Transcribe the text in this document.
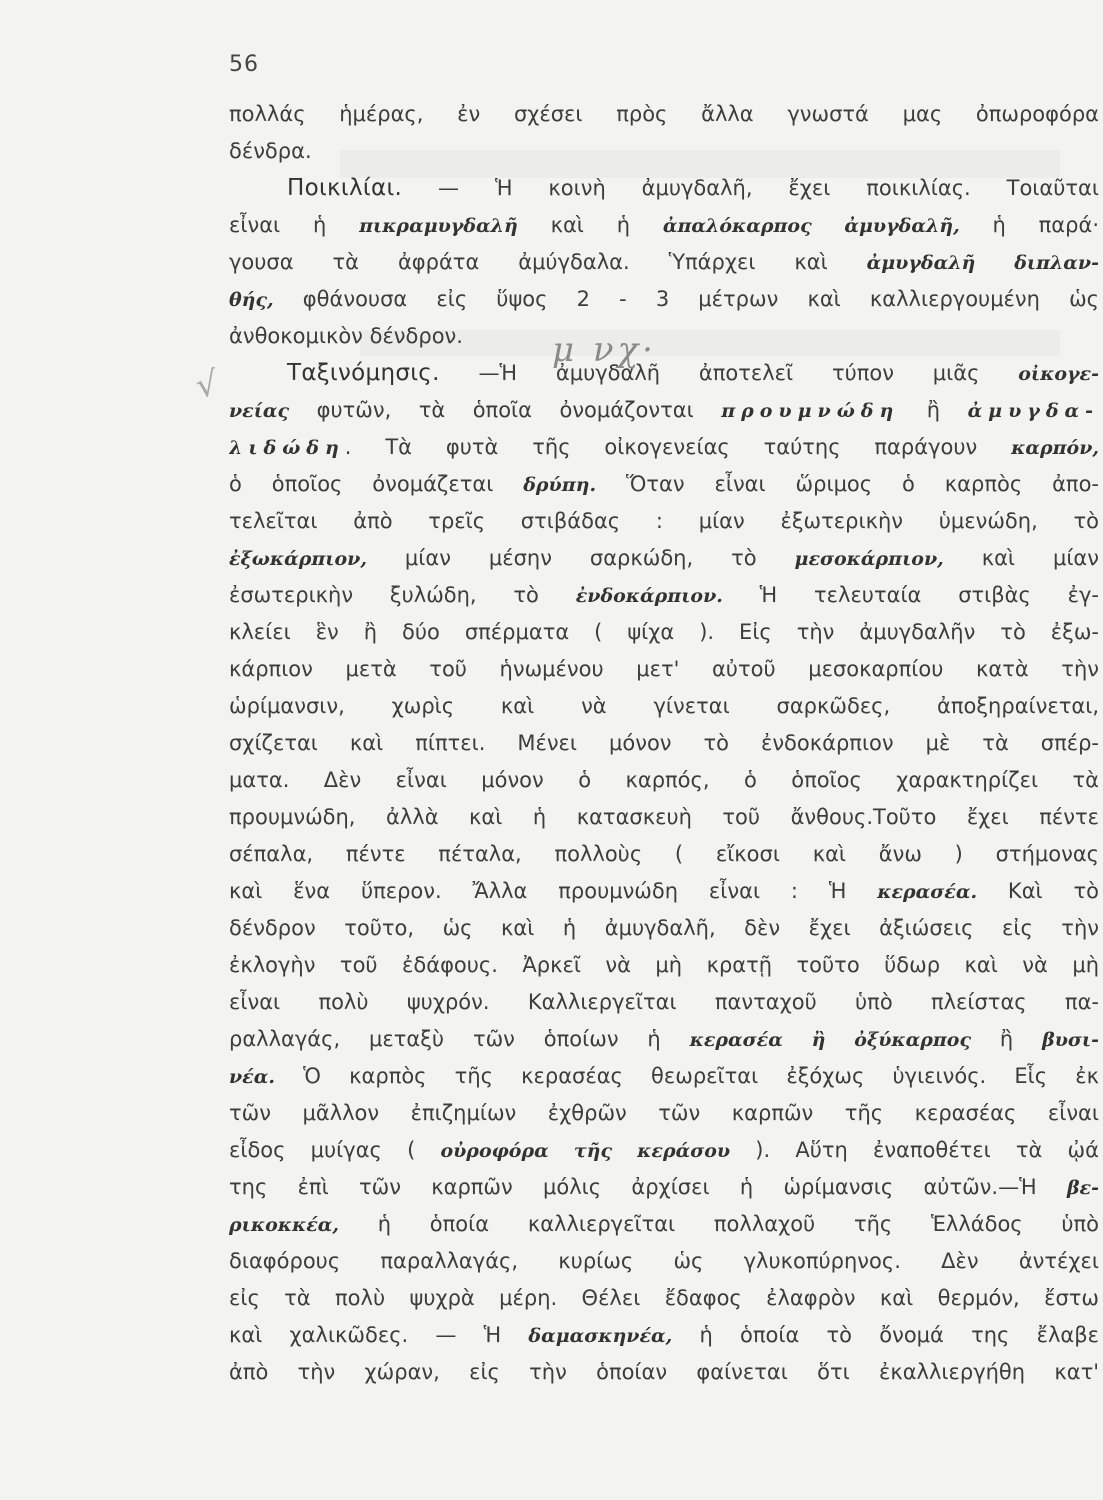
56
μ νχ·
√
πολλάς ἡμέρας, ἐν σχέσει πρὸς ἄλλα γνωστά μας ὀπωροφόρα
δένδρα.
Ποικιλίαι. — Ἡ κοινὴ ἀμυγδαλῆ, ἔχει ποικιλίας. Τοιαῦται
εἶναι ἡ πικραμυγδαλῆ καὶ ἡ ἀπαλόκαρπος ἀμυγδαλῆ, ἡ παρά·
γουσα τὰ ἀφράτα ἀμύγδαλα. Ὑπάρχει καὶ ἀμυγδαλῆ διπλαν-
θής, φθάνουσα εἰς ὕψος 2 - 3 μέτρων καὶ καλλιεργουμένη ὡς
ἀνθοκομικὸν δένδρον.
Ταξινόμησις. —Ἡ ἀμυγδαλῆ ἀποτελεῖ τύπον μιᾶς οἰκογε-
νείας φυτῶν, τὰ ὁποῖα ὀνομάζονται προυμνώδη ἢ ἀμυγδα-
λιδώδη. Τὰ φυτὰ τῆς οἰκογενείας ταύτης παράγουν καρπόν,
ὁ ὁποῖος ὀνομάζεται δρύπη. Ὅταν εἶναι ὥριμος ὁ καρπὸς ἀπο-
τελεῖται ἀπὸ τρεῖς στιβάδας : μίαν ἐξωτερικὴν ὑμενώδη, τὸ
ἐξωκάρπιον, μίαν μέσην σαρκώδη, τὸ μεσοκάρπιον, καὶ μίαν
ἐσωτερικὴν ξυλώδη, τὸ ἐνδοκάρπιον. Ἡ τελευταία στιβὰς ἐγ-
κλείει ἓν ἢ δύο σπέρματα ( ψίχα ). Εἰς τὴν ἀμυγδαλῆν τὸ ἐξω-
κάρπιον μετὰ τοῦ ἡνωμένου μετ' αὐτοῦ μεσοκαρπίου κατὰ τὴν
ὡρίμανσιν, χωρὶς καὶ νὰ γίνεται σαρκῶδες, ἀποξηραίνεται,
σχίζεται καὶ πίπτει. Μένει μόνον τὸ ἐνδοκάρπιον μὲ τὰ σπέρ-
ματα. Δὲν εἶναι μόνον ὁ καρπός, ὁ ὁποῖος χαρακτηρίζει τὰ
προυμνώδη, ἀλλὰ καὶ ἡ κατασκευὴ τοῦ ἄνθους.Τοῦτο ἔχει πέντε
σέπαλα, πέντε πέταλα, πολλοὺς ( εἴκοσι καὶ ἄνω ) στήμονας
καὶ ἕνα ὕπερον. Ἄλλα προυμνώδη εἶναι : Ἡ κερασέα. Καὶ τὸ
δένδρον τοῦτο, ὡς καὶ ἡ ἀμυγδαλῆ, δὲν ἔχει ἀξιώσεις εἰς τὴν
ἐκλογὴν τοῦ ἐδάφους. Ἀρκεῖ νὰ μὴ κρατῇ τοῦτο ὕδωρ καὶ νὰ μὴ
εἶναι πολὺ ψυχρόν. Καλλιεργεῖται πανταχοῦ ὑπὸ πλείστας πα-
ραλλαγάς, μεταξὺ τῶν ὁποίων ἡ κερασέα ἢ ὀξύκαρπος ἢ βυσι-
νέα. Ὁ καρπὸς τῆς κερασέας θεωρεῖται ἐξόχως ὑγιεινός. Εἷς ἐκ
τῶν μᾶλλον ἐπιζημίων ἐχθρῶν τῶν καρπῶν τῆς κερασέας εἶναι
εἶδος μυίγας ( οὐροφόρα τῆς κεράσου ). Αὕτη ἐναποθέτει τὰ ᾠά
της ἐπὶ τῶν καρπῶν μόλις ἀρχίσει ἡ ὡρίμανσις αὐτῶν.—Ἡ βε-
ρικοκκέα, ἡ ὁποία καλλιεργεῖται πολλαχοῦ τῆς Ἑλλάδος ὑπὸ
διαφόρους παραλλαγάς, κυρίως ὡς γλυκοπύρηνος. Δὲν ἀντέχει
εἰς τὰ πολὺ ψυχρὰ μέρη. Θέλει ἔδαφος ἐλαφρὸν καὶ θερμόν, ἔστω
καὶ χαλικῶδες. — Ἡ δαμασκηνέα, ἡ ὁποία τὸ ὄνομά της ἔλαβε
ἀπὸ τὴν χώραν, εἰς τὴν ὁποίαν φαίνεται ὅτι ἐκαλλιεργήθη κατ'
